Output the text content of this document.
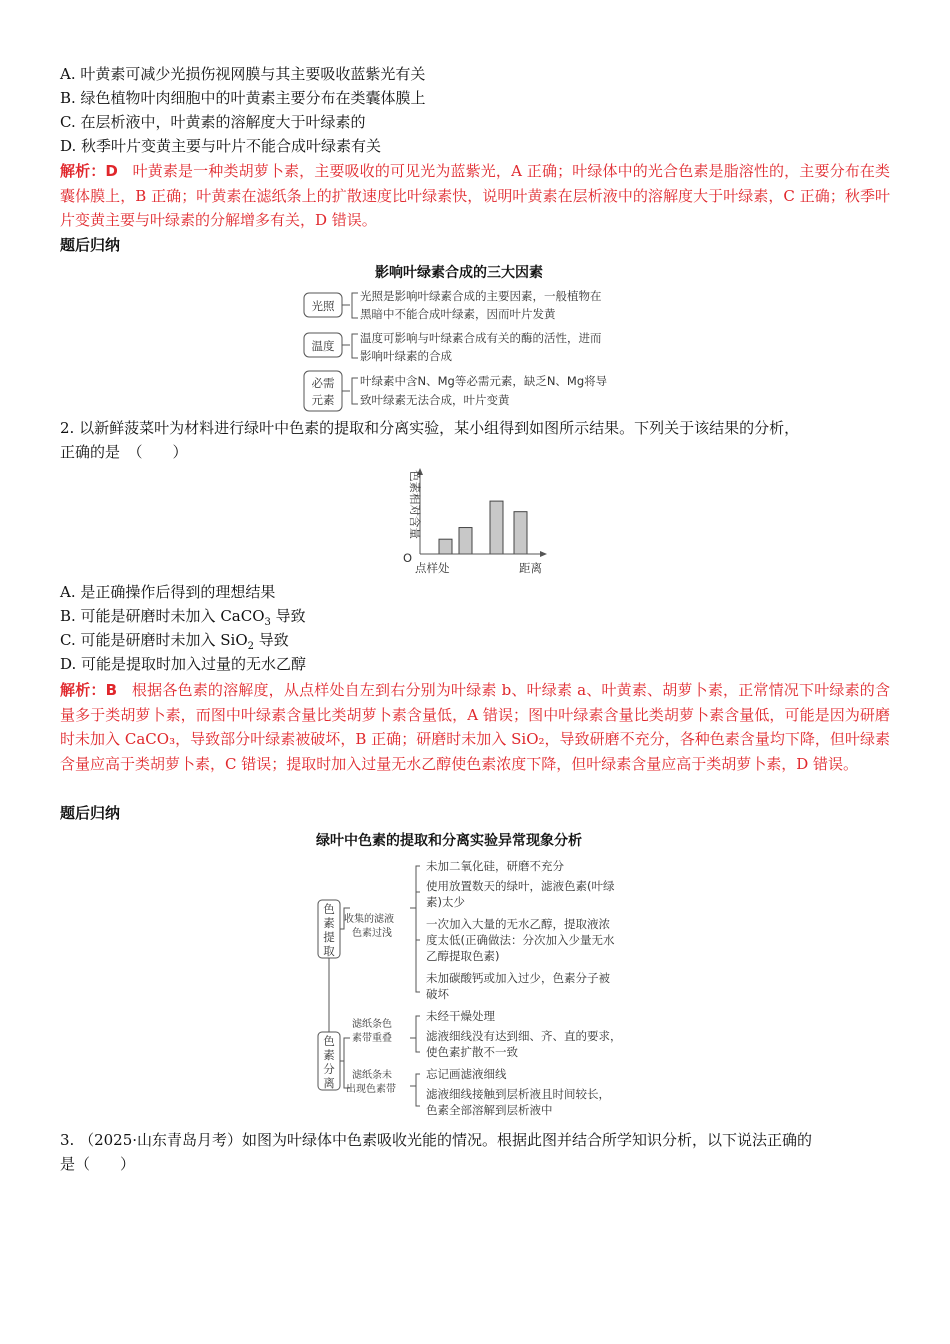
A. 叶黄素可减少光损伤视网膜与其主要吸收蓝紫光有关
B. 绿色植物叶肉细胞中的叶黄素主要分布在类囊体膜上
C. 在层析液中，叶黄素的溶解度大于叶绿素的
D. 秋季叶片变黄主要与叶片不能合成叶绿素有关
解析：D 叶黄素是一种类胡萝卜素，主要吸收的可见光为蓝紫光，A 正确；叶绿体中的光合色素是脂溶性的，主要分布在类囊体膜上，B 正确；叶黄素在滤纸条上的扩散速度比叶绿素快，说明叶黄素在层析液中的溶解度大于叶绿素，C 正确；秋季叶片变黄主要与叶绿素的分解增多有关，D 错误。
题后归纳
影响叶绿素合成的三大因素
光照
温度
必需
元素
光照是影响叶绿素合成的主要因素，一般植物在
黑暗中不能合成叶绿素，因而叶片发黄
温度可影响与叶绿素合成有关的酶的活性，进而
影响叶绿素的合成
叶绿素中含N、Mg等必需元素，缺乏N、Mg将导
致叶绿素无法合成，叶片变黄
2. 以新鲜菠菜叶为材料进行绿叶中色素的提取和分离实验，某小组得到如图所示结果。下列关于该结果的分析，
正确的是　（　　）
O
点样处	距离
色素相对含量
A. 是正确操作后得到的理想结果
B. 可能是研磨时未加入 CaCO$_3$ 导致
C. 可能是研磨时未加入 SiO$_2$ 导致
D. 可能是提取时加入过量的无水乙醇
解析：B 根据各色素的溶解度，从点样处自左到右分别为叶绿素 b、叶绿素 a、叶黄素、胡萝卜素，正常情况下叶绿素的含量多于类胡萝卜素，而图中叶绿素含量比类胡萝卜素含量低，A 错误；图中叶绿素含量比类胡萝卜素含量低，可能是因为研磨时未加入 CaCO₃，导致部分叶绿素被破坏，B 正确；研磨时未加入 SiO₂，导致研磨不充分，各种色素含量均下降，但叶绿素含量应高于类胡萝卜素，C 错误；提取时加入过量无水乙醇使色素浓度下降，但叶绿素含量应高于类胡萝卜素，D 错误。
题后归纳
绿叶中色素的提取和分离实验异常现象分析
色
素
提
取
色
素
分
离
收集的滤液
色素过浅
滤纸条色
素带重叠
滤纸条未
出现色素带
未加二氧化硅，研磨不充分
使用放置数天的绿叶，滤液色素(叶绿
素)太少
一次加入大量的无水乙醇，提取液浓
度太低(正确做法：分次加入少量无水
乙醇提取色素)
未加碳酸钙或加入过少，色素分子被
破坏
未经干燥处理
滤液细线没有达到细、齐、直的要求，
使色素扩散不一致
忘记画滤液细线
滤液细线接触到层析液且时间较长，
色素全部溶解到层析液中
3. （2025·山东青岛月考）如图为叶绿体中色素吸收光能的情况。根据此图并结合所学知识分析，以下说法正确的
是（　　）
